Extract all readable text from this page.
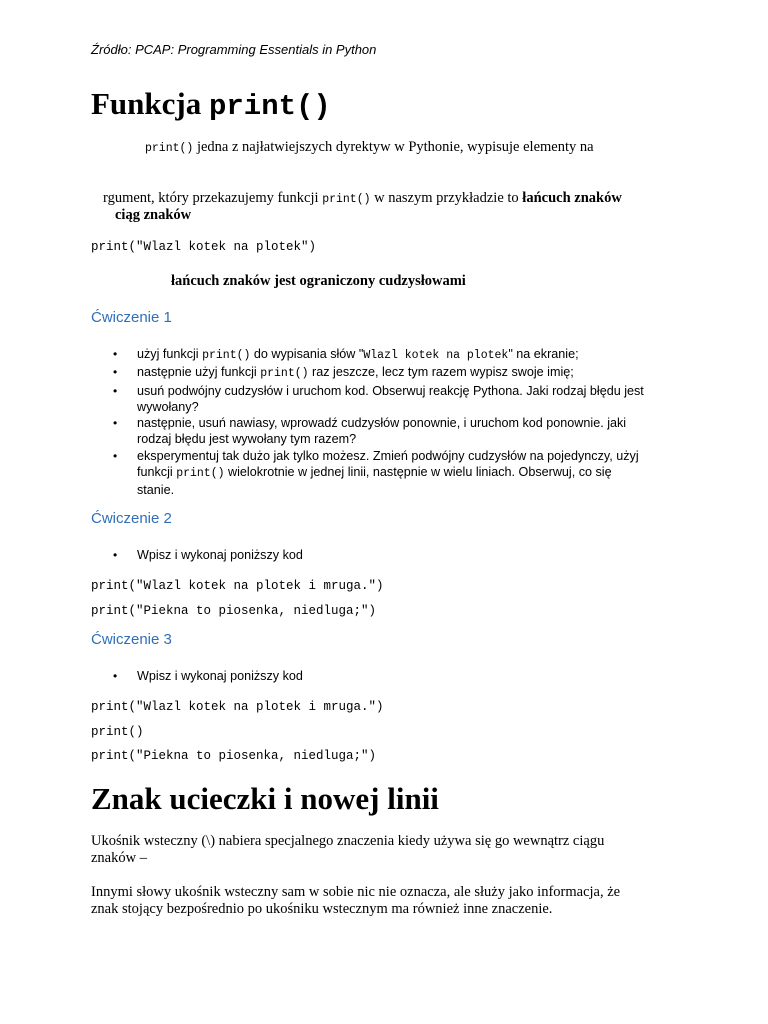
Źródło: PCAP: Programming Essentials in Python
Funkcja print()
print() jedna z najłatwiejszych dyrektyw w Pythonie, wypisuje elementy na
rgument, który przekazujemy funkcji print() w naszym przykładzie to łańcuch znaków
ciąg znaków
print("Wlazl kotek na plotek")
łańcuch znaków jest ograniczony cudzysłowami
Ćwiczenie 1
• użyj funkcji print() do wypisania słów "Wlazl kotek na plotek" na ekranie;
• następnie użyj funkcji print() raz jeszcze, lecz tym razem wypisz swoje imię;
• usuń podwójny cudzysłów i uruchom kod. Obserwuj reakcję Pythona. Jaki rodzaj błędu jest
wywołany?
• następnie, usuń nawiasy, wprowadź cudzysłów ponownie, i uruchom kod ponownie. jaki
rodzaj błędu jest wywołany tym razem?
• eksperymentuj tak dużo jak tylko możesz. Zmień podwójny cudzysłów na pojedynczy, użyj
funkcji print() wielokrotnie w jednej linii, następnie w wielu liniach. Obserwuj, co się
stanie.
Ćwiczenie 2
• Wpisz i wykonaj poniższy kod
print("Wlazl kotek na plotek i mruga.")
print("Piekna to piosenka, niedluga;")
Ćwiczenie 3
• Wpisz i wykonaj poniższy kod
print("Wlazl kotek na plotek i mruga.")
print()
print("Piekna to piosenka, niedluga;")
Znak ucieczki i nowej linii
Ukośnik wsteczny (\) nabiera specjalnego znaczenia kiedy używa się go wewnątrz ciągu
znaków –
Innymi słowy ukośnik wsteczny sam w sobie nic nie oznacza, ale służy jako informacja, że
znak stojący bezpośrednio po ukośniku wstecznym ma również inne znaczenie.
